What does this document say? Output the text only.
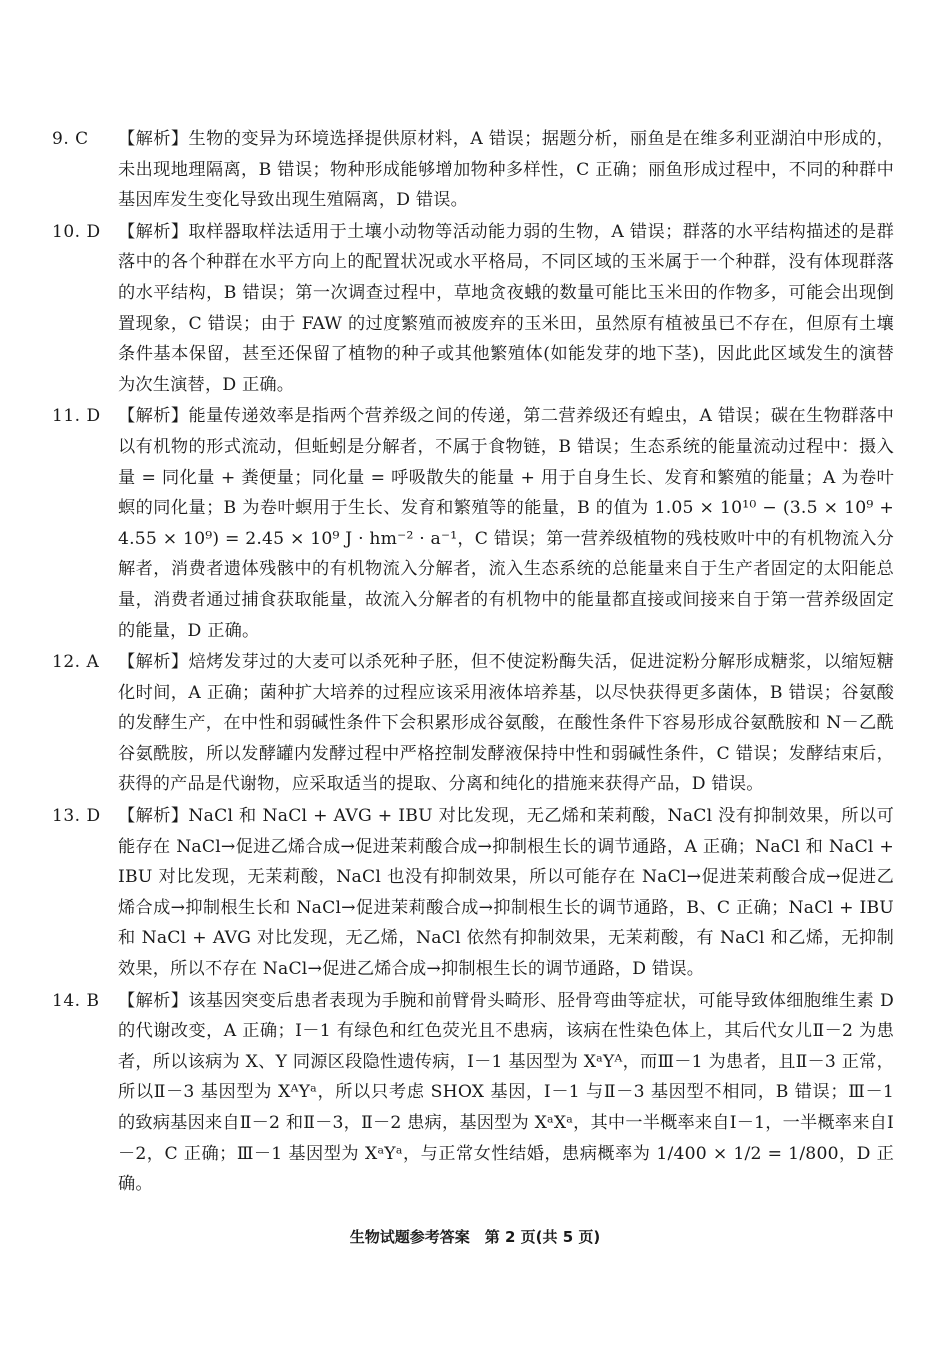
9. C	【解析】生物的变异为环境选择提供原材料，A 错误；据题分析，丽鱼是在维多利亚湖泊中形成的，未出现地理隔离，B 错误；物种形成能够增加物种多样性，C 正确；丽鱼形成过程中，不同的种群中基因库发生变化导致出现生殖隔离，D 错误。
10. D	【解析】取样器取样法适用于土壤小动物等活动能力弱的生物，A 错误；群落的水平结构描述的是群落中的各个种群在水平方向上的配置状况或水平格局，不同区域的玉米属于一个种群，没有体现群落的水平结构，B 错误；第一次调查过程中，草地贪夜蛾的数量可能比玉米田的作物多，可能会出现倒置现象，C 错误；由于 FAW 的过度繁殖而被废弃的玉米田，虽然原有植被虽已不存在，但原有土壤条件基本保留，甚至还保留了植物的种子或其他繁殖体(如能发芽的地下茎)，因此此区域发生的演替为次生演替，D 正确。
11. D	【解析】能量传递效率是指两个营养级之间的传递，第二营养级还有蝗虫，A 错误；碳在生物群落中以有机物的形式流动，但蚯蚓是分解者，不属于食物链，B 错误；生态系统的能量流动过程中：摄入量 = 同化量 + 粪便量；同化量 = 呼吸散失的能量 + 用于自身生长、发育和繁殖的能量；A 为卷叶螟的同化量；B 为卷叶螟用于生长、发育和繁殖等的能量，B 的值为 1.05 × 10¹⁰ − (3.5 × 10⁹ + 4.55 × 10⁹) = 2.45 × 10⁹ J · hm⁻² · a⁻¹，C 错误；第一营养级植物的残枝败叶中的有机物流入分解者，消费者遗体残骸中的有机物流入分解者，流入生态系统的总能量来自于生产者固定的太阳能总量，消费者通过捕食获取能量，故流入分解者的有机物中的能量都直接或间接来自于第一营养级固定的能量，D 正确。
12. A	【解析】焙烤发芽过的大麦可以杀死种子胚，但不使淀粉酶失活，促进淀粉分解形成糖浆，以缩短糖化时间，A 正确；菌种扩大培养的过程应该采用液体培养基，以尽快获得更多菌体，B 错误；谷氨酸的发酵生产，在中性和弱碱性条件下会积累形成谷氨酸，在酸性条件下容易形成谷氨酰胺和 N－乙酰谷氨酰胺，所以发酵罐内发酵过程中严格控制发酵液保持中性和弱碱性条件，C 错误；发酵结束后，获得的产品是代谢物，应采取适当的提取、分离和纯化的措施来获得产品，D 错误。
13. D	【解析】NaCl 和 NaCl + AVG + IBU 对比发现，无乙烯和茉莉酸，NaCl 没有抑制效果，所以可能存在 NaCl→促进乙烯合成→促进茉莉酸合成→抑制根生长的调节通路，A 正确；NaCl 和 NaCl + IBU 对比发现，无茉莉酸，NaCl 也没有抑制效果，所以可能存在 NaCl→促进茉莉酸合成→促进乙烯合成→抑制根生长和 NaCl→促进茉莉酸合成→抑制根生长的调节通路，B、C 正确；NaCl + IBU 和 NaCl + AVG 对比发现，无乙烯，NaCl 依然有抑制效果，无茉莉酸，有 NaCl 和乙烯，无抑制效果，所以不存在 NaCl→促进乙烯合成→抑制根生长的调节通路，D 错误。
14. B	【解析】该基因突变后患者表现为手腕和前臂骨头畸形、胫骨弯曲等症状，可能导致体细胞维生素 D 的代谢改变，A 正确；Ⅰ－1 有绿色和红色荧光且不患病，该病在性染色体上，其后代女儿Ⅱ－2 为患者，所以该病为 X、Y 同源区段隐性遗传病，Ⅰ－1 基因型为 XᵃYᴬ，而Ⅲ－1 为患者，且Ⅱ－3 正常，所以Ⅱ－3 基因型为 XᴬYᵃ，所以只考虑 SHOX 基因，Ⅰ－1 与Ⅱ－3 基因型不相同，B 错误；Ⅲ－1 的致病基因来自Ⅱ－2 和Ⅱ－3，Ⅱ－2 患病，基因型为 XᵃXᵃ，其中一半概率来自Ⅰ－1，一半概率来自Ⅰ－2，C 正确；Ⅲ－1 基因型为 XᵃYᵃ，与正常女性结婚，患病概率为 1/400 × 1/2 = 1/800，D 正确。
生物试题参考答案　第 2 页(共 5 页)
